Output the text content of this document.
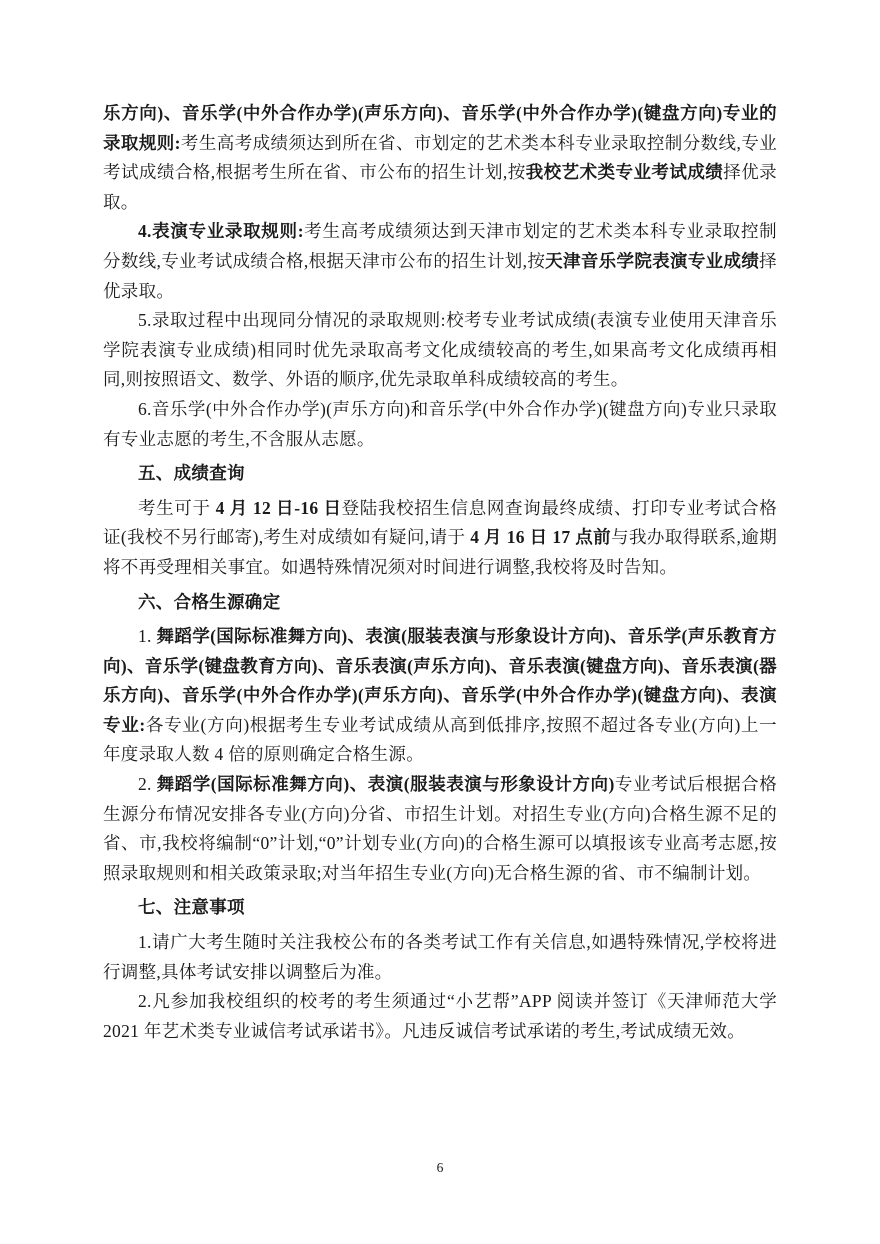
乐方向)、音乐学(中外合作办学)(声乐方向)、音乐学(中外合作办学)(键盘方向)专业的录取规则:考生高考成绩须达到所在省、市划定的艺术类本科专业录取控制分数线,专业考试成绩合格,根据考生所在省、市公布的招生计划,按我校艺术类专业考试成绩择优录取。

4.表演专业录取规则:考生高考成绩须达到天津市划定的艺术类本科专业录取控制分数线,专业考试成绩合格,根据天津市公布的招生计划,按天津音乐学院表演专业成绩择优录取。

5.录取过程中出现同分情况的录取规则:校考专业考试成绩(表演专业使用天津音乐学院表演专业成绩)相同时优先录取高考文化成绩较高的考生,如果高考文化成绩再相同,则按照语文、数学、外语的顺序,优先录取单科成绩较高的考生。

6.音乐学(中外合作办学)(声乐方向)和音乐学(中外合作办学)(键盘方向)专业只录取有专业志愿的考生,不含服从志愿。

五、成绩查询

考生可于 4 月 12 日-16 日登陆我校招生信息网查询最终成绩、打印专业考试合格证(我校不另行邮寄),考生对成绩如有疑问,请于 4 月 16 日 17 点前与我办取得联系,逾期将不再受理相关事宜。如遇特殊情况须对时间进行调整,我校将及时告知。

六、合格生源确定

1. 舞蹈学(国际标准舞方向)、表演(服装表演与形象设计方向)、音乐学(声乐教育方向)、音乐学(键盘教育方向)、音乐表演(声乐方向)、音乐表演(键盘方向)、音乐表演(器乐方向)、音乐学(中外合作办学)(声乐方向)、音乐学(中外合作办学)(键盘方向)、表演专业:各专业(方向)根据考生专业考试成绩从高到低排序,按照不超过各专业(方向)上一年度录取人数 4 倍的原则确定合格生源。

2. 舞蹈学(国际标准舞方向)、表演(服装表演与形象设计方向)专业考试后根据合格生源分布情况安排各专业(方向)分省、市招生计划。对招生专业(方向)合格生源不足的省、市,我校将编制“0”计划,“0”计划专业(方向)的合格生源可以填报该专业高考志愿,按照录取规则和相关政策录取;对当年招生专业(方向)无合格生源的省、市不编制计划。

七、注意事项

1.请广大考生随时关注我校公布的各类考试工作有关信息,如遇特殊情况,学校将进行调整,具体考试安排以调整后为准。

2.凡参加我校组织的校考的考生须通过“小艺帮”APP 阅读并签订《天津师范大学 2021 年艺术类专业诚信考试承诺书》。凡违反诚信考试承诺的考生,考试成绩无效。

6
